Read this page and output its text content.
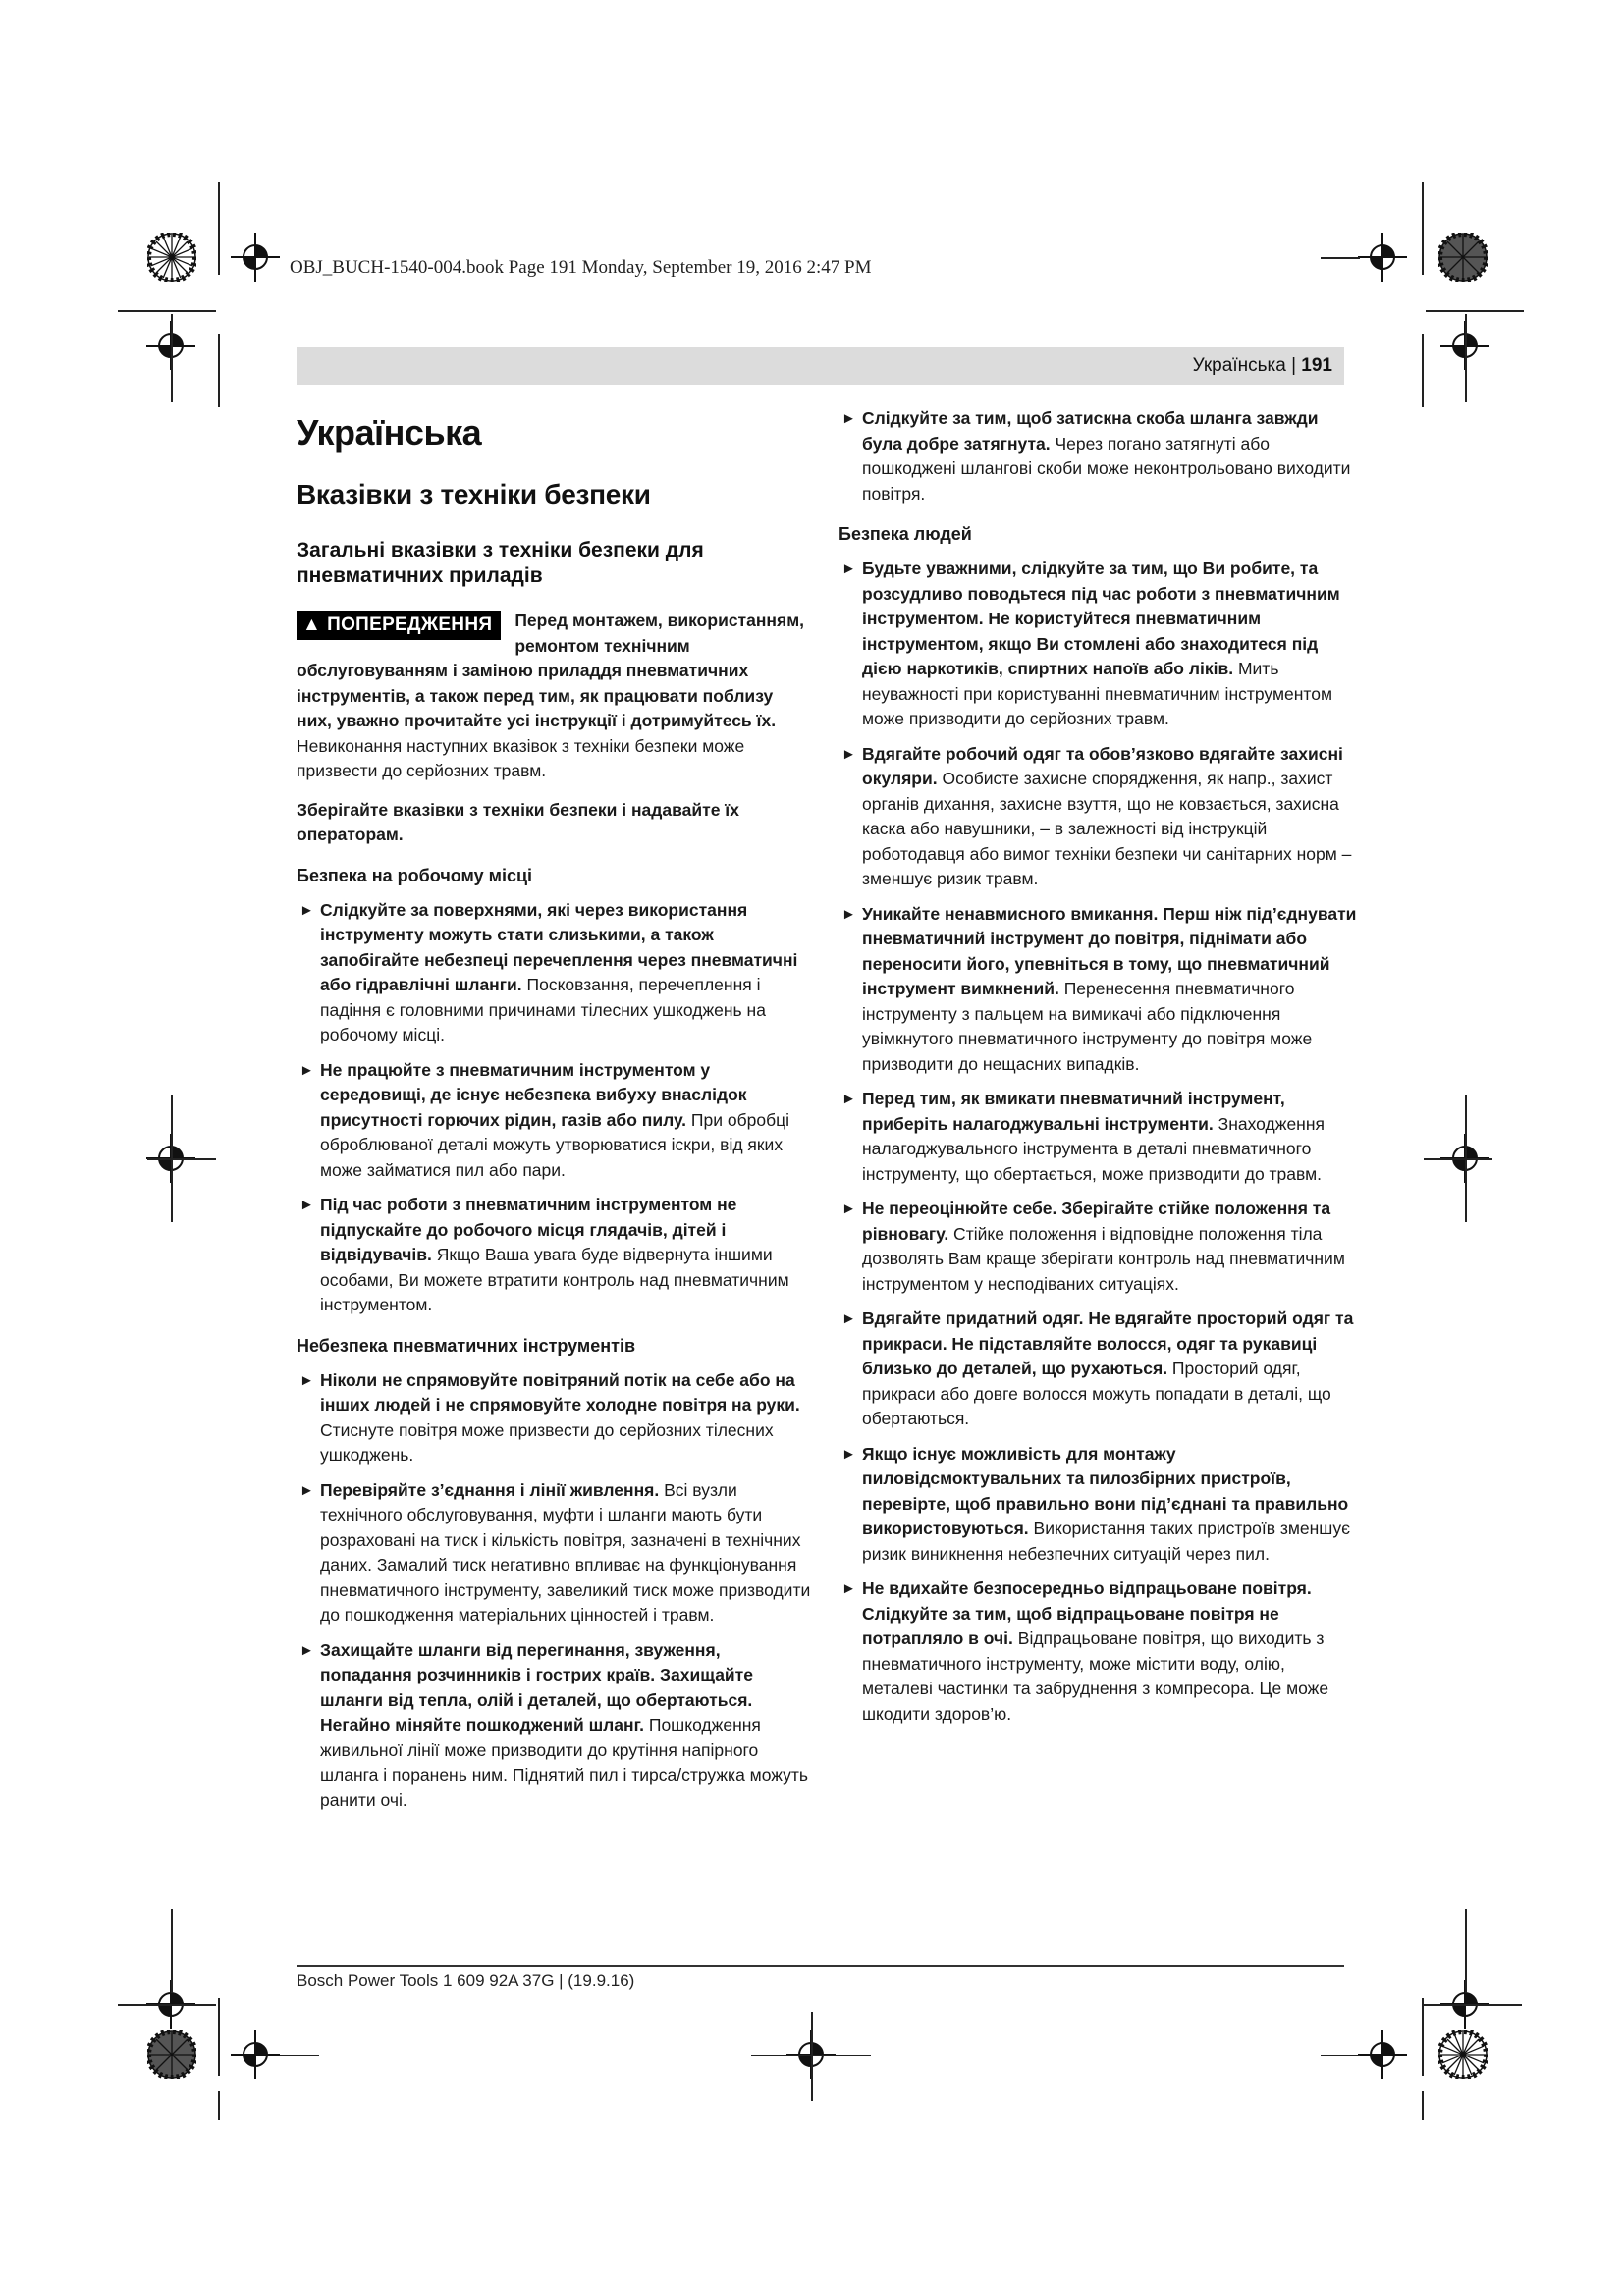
OBJ_BUCH-1540-004.book Page 191 Monday, September 19, 2016 2:47 PM
Українська | 191
Українська
Вказівки з техніки безпеки
Загальні вказівки з техніки безпеки для пневматичних приладів
▲ ПОПЕРЕДЖЕННЯ	Перед монтажем, використанням, ремонтом технічним обслуговуванням і заміною приладдя пневматичних інструментів, а також перед тим, як працювати поблизу них, уважно прочитайте усі інструкції і дотримуйтесь їх. Невиконання наступних вказівок з техніки безпеки може призвести до серйозних травм.

Зберігайте вказівки з техніки безпеки і надавайте їх операторам.

Безпека на робочому місці
► Слідкуйте за поверхнями, які через використання інструменту можуть стати слизькими, а також запобігайте небезпеці перечеплення через пневматичні або гідравлічні шланги. Посковзання, перечеплення і падіння є головними причинами тілесних ушкоджень на робочому місці.
► Не працюйте з пневматичним інструментом у середовищі, де існує небезпека вибуху внаслідок присутності горючих рідин, газів або пилу. При обробці оброблюваної деталі можуть утворюватися іскри, від яких може займатися пил або пари.
► Під час роботи з пневматичним інструментом не підпускайте до робочого місця глядачів, дітей і відвідувачів. Якщо Ваша увага буде відвернута іншими особами, Ви можете втратити контроль над пневматичним інструментом.
Небезпека пневматичних інструментів
► Ніколи не спрямовуйте повітряний потік на себе або на інших людей і не спрямовуйте холодне повітря на руки. Стиснуте повітря може призвести до серйозних тілесних ушкоджень.
► Перевіряйте з’єднання і лінії живлення. Всі вузли технічного обслуговування, муфти і шланги мають бути розраховані на тиск і кількість повітря, зазначені в технічних даних. Замалий тиск негативно впливає на функціонування пневматичного інструменту, завеликий тиск може призводити до пошкодження матеріальних цінностей і травм.
► Захищайте шланги від перегинання, звуження, попадання розчинників і гострих країв. Захищайте шланги від тепла, олій і деталей, що обертаються. Негайно міняйте пошкоджений шланг. Пошкодження живильної лінії може призводити до крутіння напірного шланга і поранень ним. Піднятий пил і тирса/стружка можуть ранити очі.
► Слідкуйте за тим, щоб затискна скоба шланга завжди була добре затягнута. Через погано затягнуті або пошкоджені шлангові скоби може неконтрольовано виходити повітря.
Безпека людей
► Будьте уважними, слідкуйте за тим, що Ви робите, та розсудливо поводьтеся під час роботи з пневматичним інструментом. Не користуйтеся пневматичним інструментом, якщо Ви стомлені або знаходитеся під дією наркотиків, спиртних напоїв або ліків. Мить неуважності при користуванні пневматичним інструментом може призводити до серйозних травм.
► Вдягайте робочий одяг та обов’язково вдягайте захисні окуляри. Особисте захисне спорядження, як напр., захист органів дихання, захисне взуття, що не ковзається, захисна каска або навушники, – в залежності від інструкцій роботодавця або вимог техніки безпеки чи санітарних норм – зменшує ризик травм.
► Уникайте ненавмисного вмикання. Перш ніж під’єднувати пневматичний інструмент до повітря, піднімати або переносити його, упевніться в тому, що пневматичний інструмент вимкнений. Перенесення пневматичного інструменту з пальцем на вимикачі або підключення увімкнутого пневматичного інструменту до повітря може призводити до нещасних випадків.
► Перед тим, як вмикати пневматичний інструмент, приберіть налагоджувальні інструменти. Знаходження налагоджувального інструмента в деталі пневматичного інструменту, що обертається, може призводити до травм.
► Не переоцінюйте себе. Зберігайте стійке положення та рівновагу. Стійке положення і відповідне положення тіла дозволять Вам краще зберігати контроль над пневматичним інструментом у несподіваних ситуаціях.
► Вдягайте придатний одяг. Не вдягайте просторий одяг та прикраси. Не підставляйте волосся, одяг та рукавиці близько до деталей, що рухаються. Просторий одяг, прикраси або довге волосся можуть попадати в деталі, що обертаються.
► Якщо існує можливість для монтажу пиловідсмоктувальних та пилозбірних пристроїв, перевірте, щоб правильно вони під’єднані та правильно використовуються. Використання таких пристроїв зменшує ризик виникнення небезпечних ситуацій через пил.
► Не вдихайте безпосередньо відпрацьоване повітря. Слідкуйте за тим, щоб відпрацьоване повітря не потрапляло в очі. Відпрацьоване повітря, що виходить з пневматичного інструменту, може містити воду, олію, металеві частинки та забруднення з компресора. Це може шкодити здоров’ю.
Bosch Power Tools 1 609 92A 37G | (19.9.16)
